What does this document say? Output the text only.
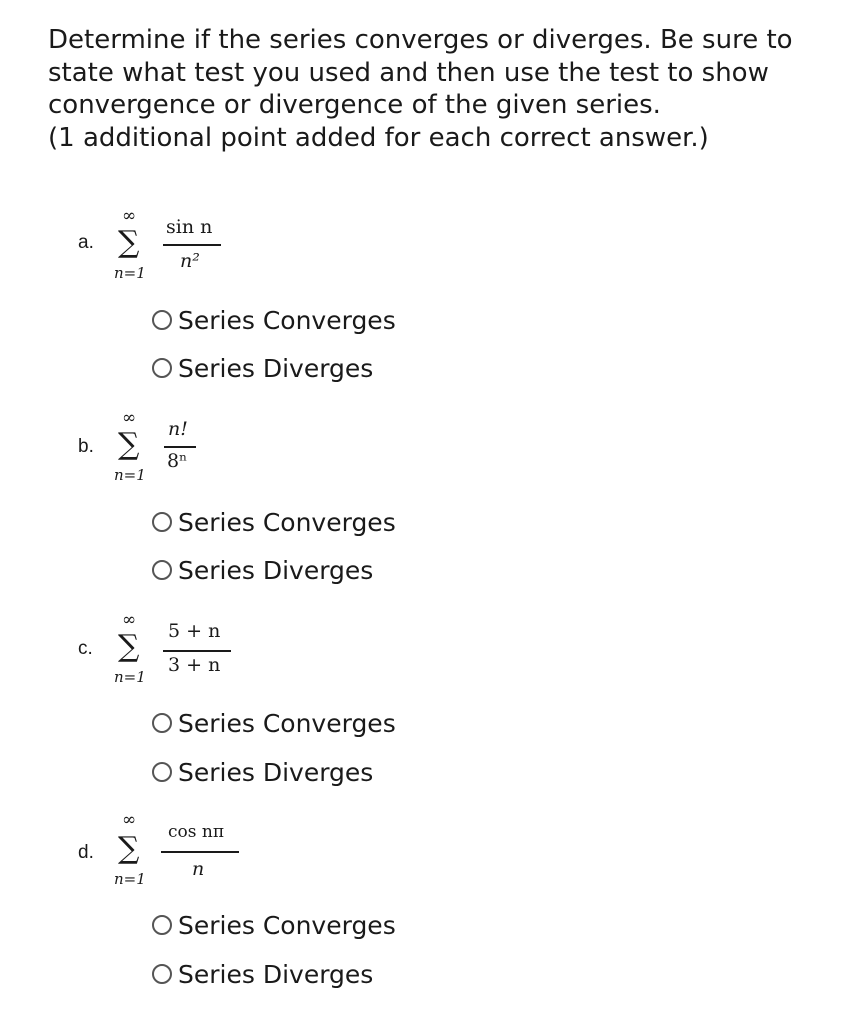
Determine if the series converges or diverges. Be sure to
state what test you used and then use the test to show
convergence or divergence of the given series.
(1 additional point added for each correct answer.)
a.
∞
∑
n=1
sin n
n²
Series Converges
Series Diverges
b.
∞
∑
n=1
n!
8ⁿ
Series Converges
Series Diverges
c.
∞
∑
n=1
5 + n
3 + n
Series Converges
Series Diverges
d.
∞
∑
n=1
cos nπ
n
Series Converges
Series Diverges
